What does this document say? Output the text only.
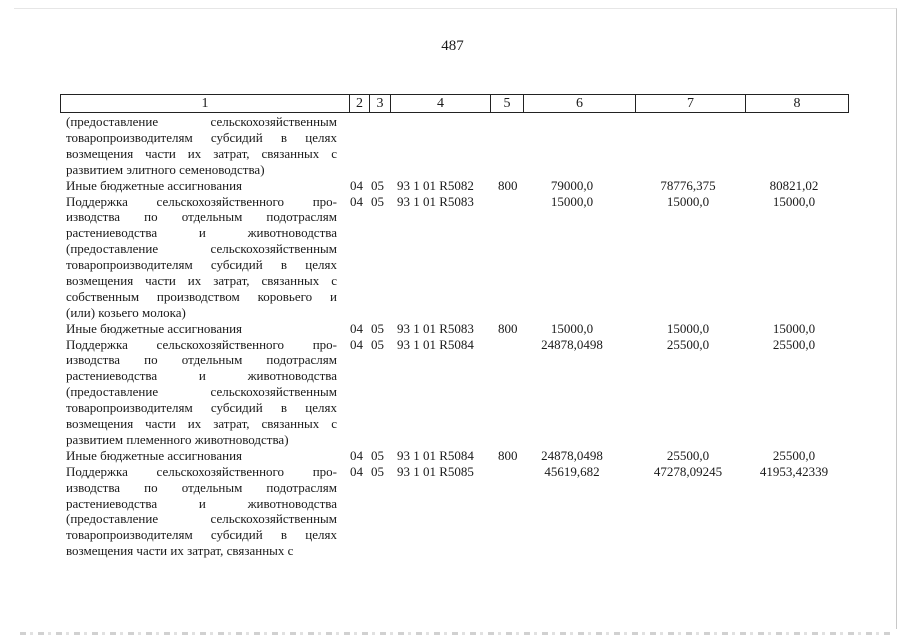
487
1	2 3	4	5	6	7	8
(предоставление сельскохозяйственным
товаропроизводителям субсидий в целях
возмещения части их затрат, связанных с
развитием элитного семеноводства)
Иные бюджетные ассигнования	04 05 93 1 01 R5082 800	79000,0	78776,375	80821,02
Поддержка сельскохозяйственного про-
изводства по отдельным подотраслям
растениеводства и животноводства
(предоставление сельскохозяйственным
товаропроизводителям субсидий в целях
возмещения части их затрат, связанных с
собственным производством коровьего и
(или) козьего молока)
04 05 93 1 01 R5083	15000,0	15000,0	15000,0
Иные бюджетные ассигнования	04 05 93 1 01 R5083 800	15000,0	15000,0	15000,0
Поддержка сельскохозяйственного про-
изводства по отдельным подотраслям
растениеводства и животноводства
(предоставление сельскохозяйственным
товаропроизводителям субсидий в целях
возмещения части их затрат, связанных с
развитием племенного животноводства)
04 05 93 1 01 R5084	24878,0498	25500,0	25500,0
Иные бюджетные ассигнования	04 05 93 1 01 R5084 800	24878,0498	25500,0	25500,0
Поддержка сельскохозяйственного про-
изводства по отдельным подотраслям
растениеводства и животноводства
(предоставление сельскохозяйственным
товаропроизводителям субсидий в целях
возмещения части их затрат, связанных с
04 05 93 1 01 R5085	45619,682	47278,09245	41953,42339
